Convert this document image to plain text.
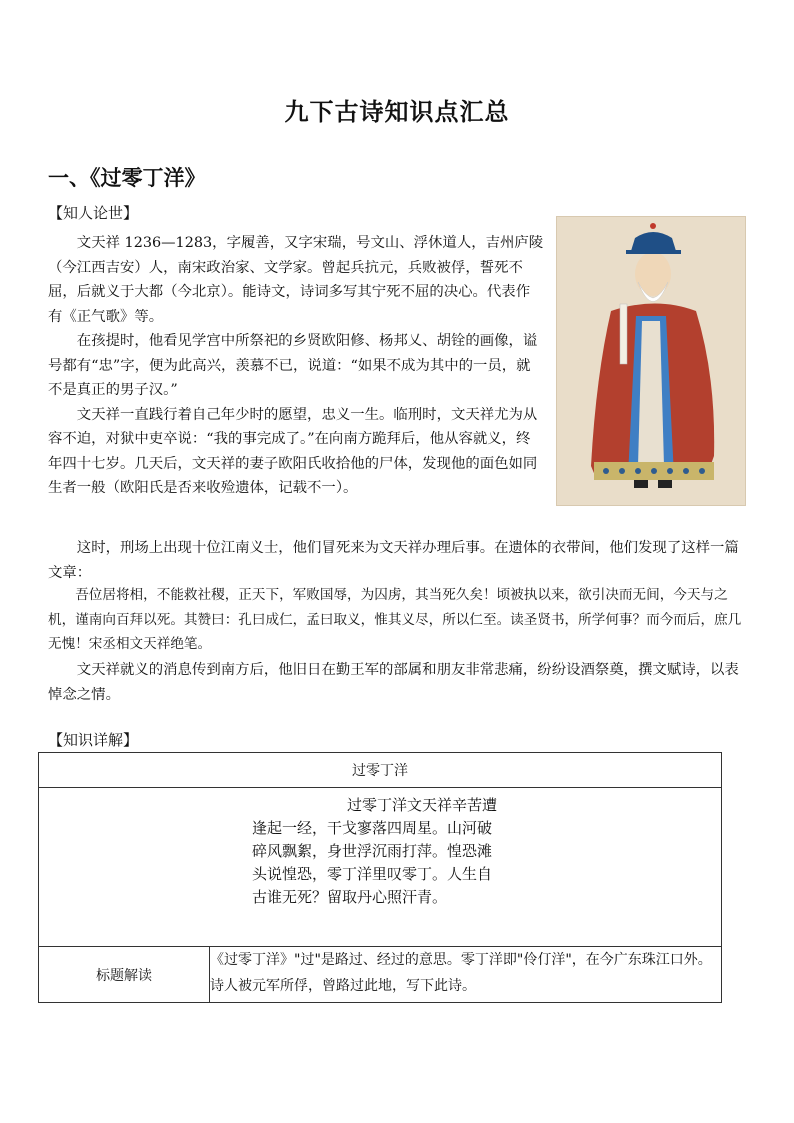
九下古诗知识点汇总
一、《过零丁洋》
【知人论世】

文天祥 1236—1283，字履善，又字宋瑞，号文山、浮休道人，吉州庐陵（今江西吉安）人，南宋政治家、文学家。曾起兵抗元，兵败被俘，誓死不屈，后就义于大都（今北京）。能诗文，诗词多写其宁死不屈的决心。代表作有《正气歌》等。

在孩提时，他看见学宫中所祭祀的乡贤欧阳修、杨邦乂、胡铨的画像，谥号都有“忠”字，便为此高兴，羡慕不已，说道：“如果不成为其中的一员，就不是真正的男子汉。”

文天祥一直践行着自己年少时的愿望，忠义一生。临刑时，文天祥尤为从容不迫，对狱中吏卒说：“我的事完成了。”在向南方跪拜后，他从容就义，终年四十七岁。几天后，文天祥的妻子欧阳氏收拾他的尸体，发现他的面色如同生者一般（欧阳氏是否来收殓遗体，记载不一）。

这时，刑场上出现十位江南义士，他们冒死来为文天祥办理后事。在遗体的衣带间，他们发现了这样一篇文章：

吾位居将相，不能救社稷，正天下，军败国辱，为囚虏，其当死久矣！顷被执以来，欲引决而无间，今天与之机，谨南向百拜以死。其赞曰：孔曰成仁，孟曰取义，惟其义尽，所以仁至。读圣贤书，所学何事？而今而后，庶几无愧！宋丞相文天祥绝笔。

文天祥就义的消息传到南方后，他旧日在勤王军的部属和朋友非常悲痛，纷纷设酒祭奠，撰文赋诗，以表悼念之情。

【知识详解】
过零丁洋

过零丁洋文天祥辛苦遭
逢起一经，干戈寥落四周星。山河破
碎风飘絮，身世浮沉雨打萍。惶恐滩
头说惶恐，零丁洋里叹零丁。人生自
古谁无死？留取丹心照汗青。

标题解读	《过零丁洋》"过"是路过、经过的意思。零丁洋即"伶仃洋"，在今广东珠江口外。诗人被元军所俘，曾路过此地，写下此诗。
